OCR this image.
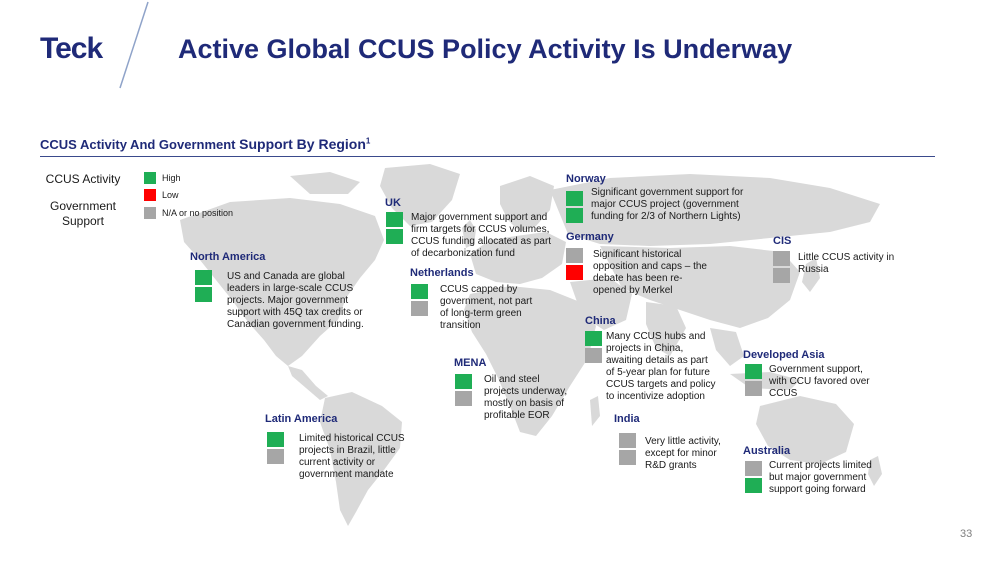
Teck	Active Global CCUS Policy Activity Is Underway
CCUS Activity And Government Support By Region$^1$
CCUS Activity
Government Support
High
Low
N/A or no position
North America
US and Canada are global leaders in large-scale CCUS projects. Major government support with 45Q tax credits or Canadian government funding.
Latin America
Limited historical CCUS projects in Brazil, little current activity or government mandate
UK
Major government support and firm targets for CCUS volumes, CCUS funding allocated as part of decarbonization fund
Netherlands
CCUS capped by government, not part of long-term green transition
MENA
Oil and steel projects underway, mostly on basis of profitable EOR
Norway
Significant government support for major CCUS project (government funding for 2/3 of Northern Lights)
Germany
Significant historical opposition and caps – the debate has been re-opened by Merkel
China
Many CCUS hubs and projects in China, awaiting details as part of 5-year plan for future CCUS targets and policy to incentivize adoption
India
Very little activity, except for minor R&D grants
CIS
Little CCUS activity in Russia
Developed Asia
Government support, with CCU favored over CCUS
Australia
Current projects limited but major government support going forward
33
